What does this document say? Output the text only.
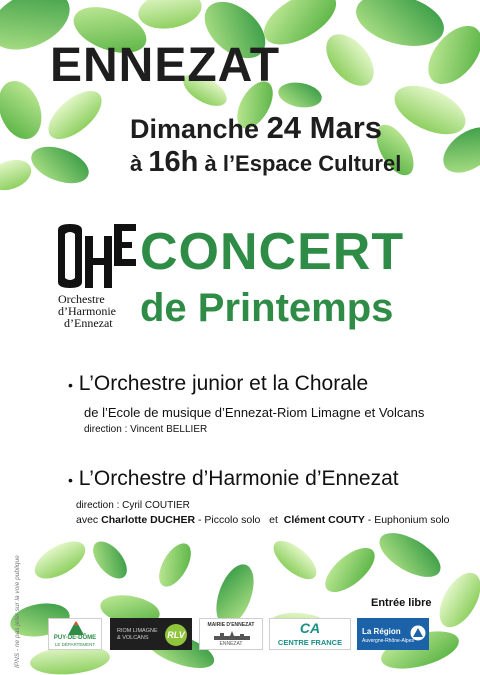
ENNEZAT
Dimanche 24 Mars
à 16h à l’Espace Culturel
Orchestre
d’Harmonie
d’Ennezat
CONCERT
de Printemps
• L’Orchestre junior et la Chorale
de l’Ecole de musique d’Ennezat-Riom Limagne et Volcans
direction : Vincent BELLIER
• L’Orchestre d’Harmonie d’Ennezat
direction : Cyril COUTIER
avec Charlotte DUCHER - Piccolo solo et Clément COUTY - Euphonium solo
Entrée libre
IPNS - ne pas jeter sur la voie publique	PUY-DE-DÔME
LE DÉPARTEMENT
RIOM LIMAGNE
& VOLCANS	RLV
MAIRIE D'ENNEZAT
ENNEZAT
CA
CENTRE FRANCE
La Région
Auvergne-Rhône-Alpes
